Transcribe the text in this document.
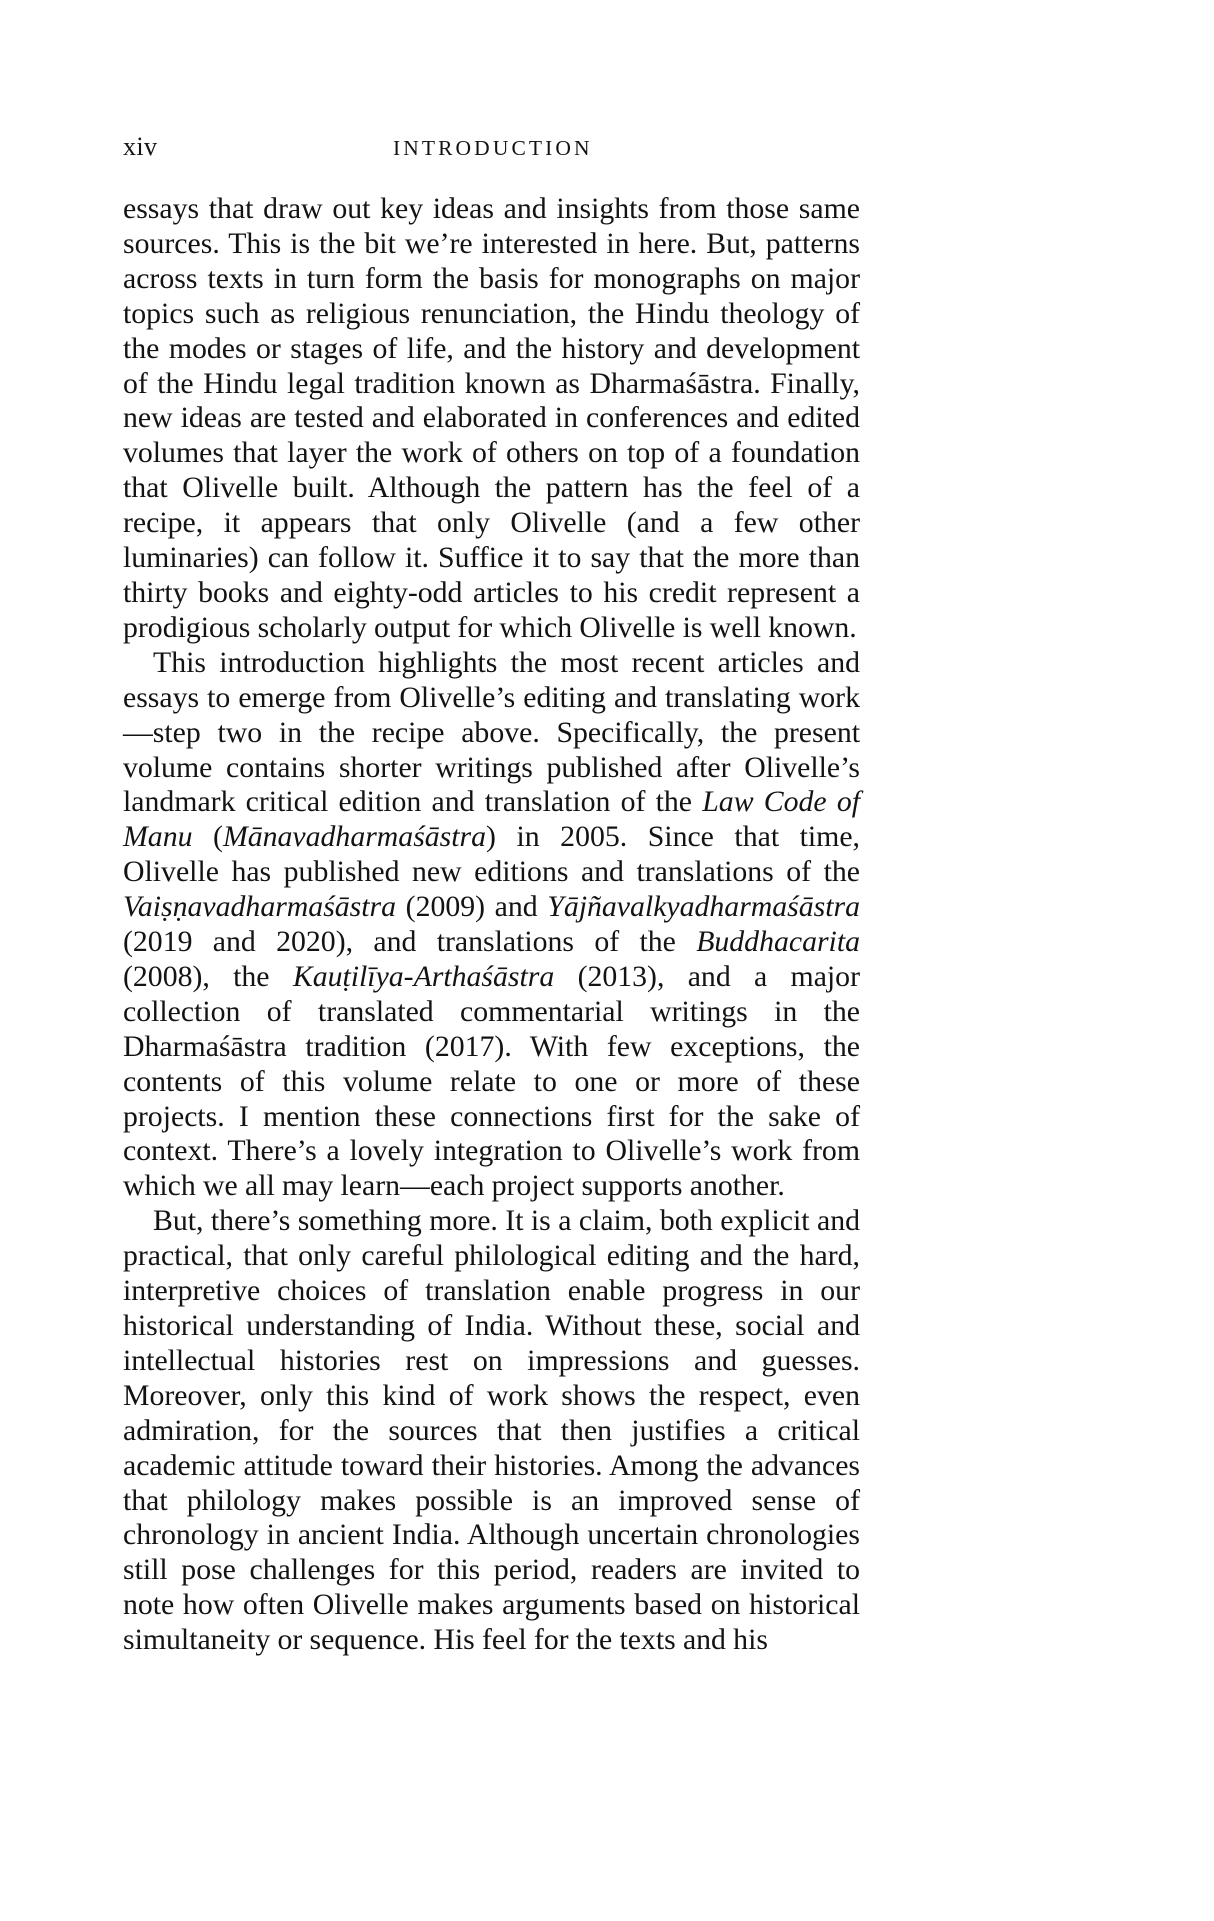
xiv	INTRODUCTION

essays that draw out key ideas and insights from those same sources. This is the bit we’re interested in here. But, patterns across texts in turn form the basis for monographs on major topics such as religious renunciation, the Hindu theology of the modes or stages of life, and the history and development of the Hindu legal tradition known as Dharmaśāstra. Finally, new ideas are tested and elaborated in conferences and edited volumes that layer the work of others on top of a foundation that Olivelle built. Although the pattern has the feel of a recipe, it appears that only Olivelle (and a few other luminaries) can follow it. Suffice it to say that the more than thirty books and eighty-odd articles to his credit represent a prodigious scholarly output for which Olivelle is well known.

This introduction highlights the most recent articles and essays to emerge from Olivelle’s editing and translating work—step two in the recipe above. Specifically, the present volume contains shorter writings published after Olivelle’s landmark critical edition and translation of the Law Code of Manu (Mānavadharmaśāstra) in 2005. Since that time, Olivelle has published new editions and translations of the Vaiṣṇavadharmaśāstra (2009) and Yājñavalkyadharmaśāstra (2019 and 2020), and translations of the Buddhacarita (2008), the Kauṭilīya-Arthaśāstra (2013), and a major collection of translated commentarial writings in the Dharmaśāstra tradition (2017). With few exceptions, the contents of this volume relate to one or more of these projects. I mention these connections first for the sake of context. There’s a lovely integration to Olivelle’s work from which we all may learn—each project supports another.

But, there’s something more. It is a claim, both explicit and practical, that only careful philological editing and the hard, interpretive choices of translation enable progress in our historical understanding of India. Without these, social and intellectual histories rest on impressions and guesses. Moreover, only this kind of work shows the respect, even admiration, for the sources that then justifies a critical academic attitude toward their histories. Among the advances that philology makes possible is an improved sense of chronology in ancient India. Although uncertain chronologies still pose challenges for this period, readers are invited to note how often Olivelle makes arguments based on historical simultaneity or sequence. His feel for the texts and his
